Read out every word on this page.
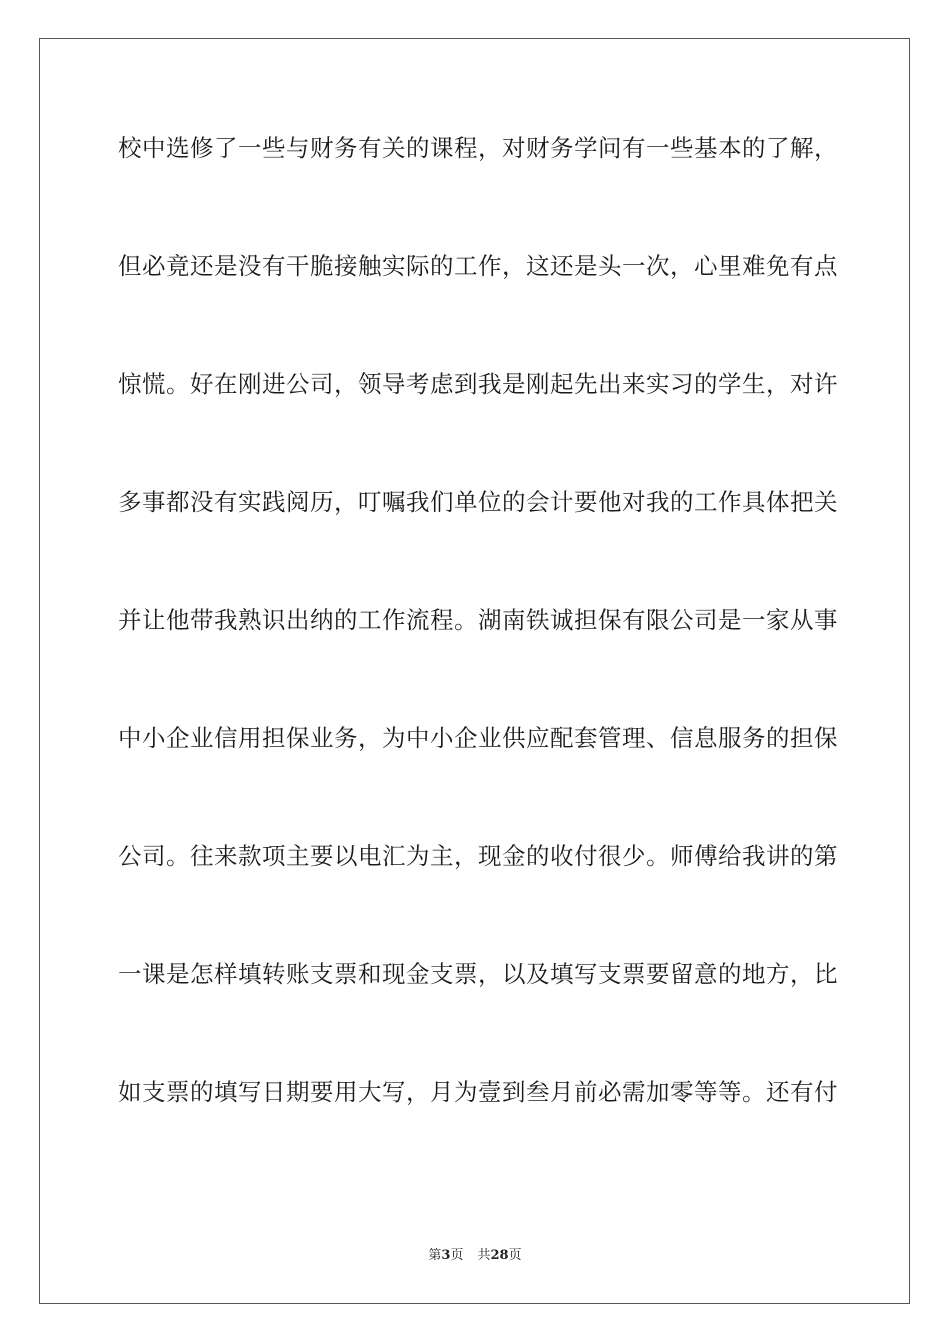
校中选修了一些与财务有关的课程，对财务学问有一些基本的了解，
但必竟还是没有干脆接触实际的工作，这还是头一次，心里难免有点
惊慌。好在刚进公司，领导考虑到我是刚起先出来实习的学生，对许
多事都没有实践阅历，叮嘱我们单位的会计要他对我的工作具体把关
并让他带我熟识出纳的工作流程。湖南铁诚担保有限公司是一家从事
中小企业信用担保业务，为中小企业供应配套管理、信息服务的担保
公司。往来款项主要以电汇为主，现金的收付很少。师傅给我讲的第
一课是怎样填转账支票和现金支票，以及填写支票要留意的地方，比
如支票的填写日期要用大写，月为壹到叁月前必需加零等等。还有付
第3页 共28页
